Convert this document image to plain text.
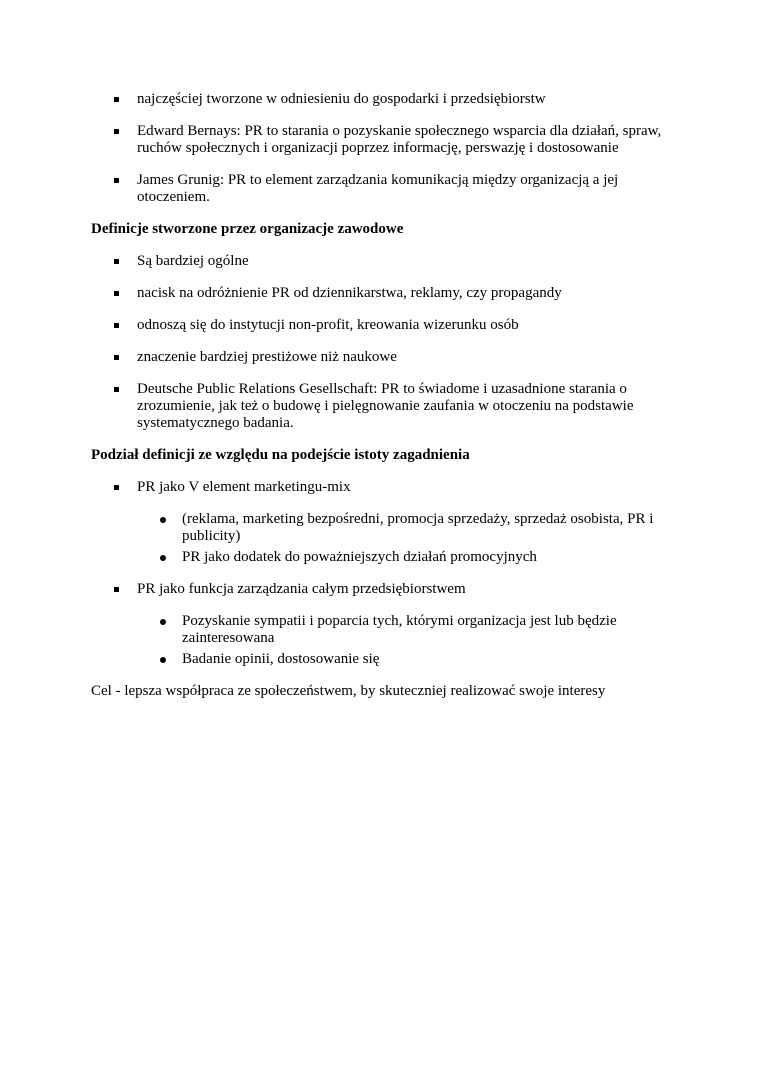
najczęściej tworzone w odniesieniu do gospodarki i przedsiębiorstw
Edward Bernays: PR to starania o pozyskanie społecznego wsparcia dla działań, spraw, ruchów społecznych i organizacji poprzez informację, perswazję i dostosowanie
James Grunig: PR to element zarządzania komunikacją między organizacją a jej otoczeniem.
Definicje stworzone przez organizacje zawodowe
Są bardziej ogólne
nacisk na odróżnienie PR od dziennikarstwa, reklamy, czy propagandy
odnoszą się do instytucji non-profit, kreowania wizerunku osób
znaczenie bardziej prestiżowe niż naukowe
Deutsche Public Relations Gesellschaft: PR to świadome i uzasadnione starania o zrozumienie, jak też o budowę i pielęgnowanie zaufania w otoczeniu na podstawie systematycznego badania.
Podział definicji ze względu na podejście istoty zagadnienia
PR jako V element marketingu-mix
(reklama, marketing bezpośredni, promocja sprzedaży, sprzedaż osobista, PR i publicity)
PR jako dodatek do poważniejszych działań promocyjnych
PR jako funkcja zarządzania całym przedsiębiorstwem
Pozyskanie sympatii i poparcia tych, którymi organizacja jest lub będzie zainteresowana
Badanie opinii, dostosowanie się
Cel - lepsza współpraca ze społeczeństwem, by skuteczniej realizować swoje interesy
